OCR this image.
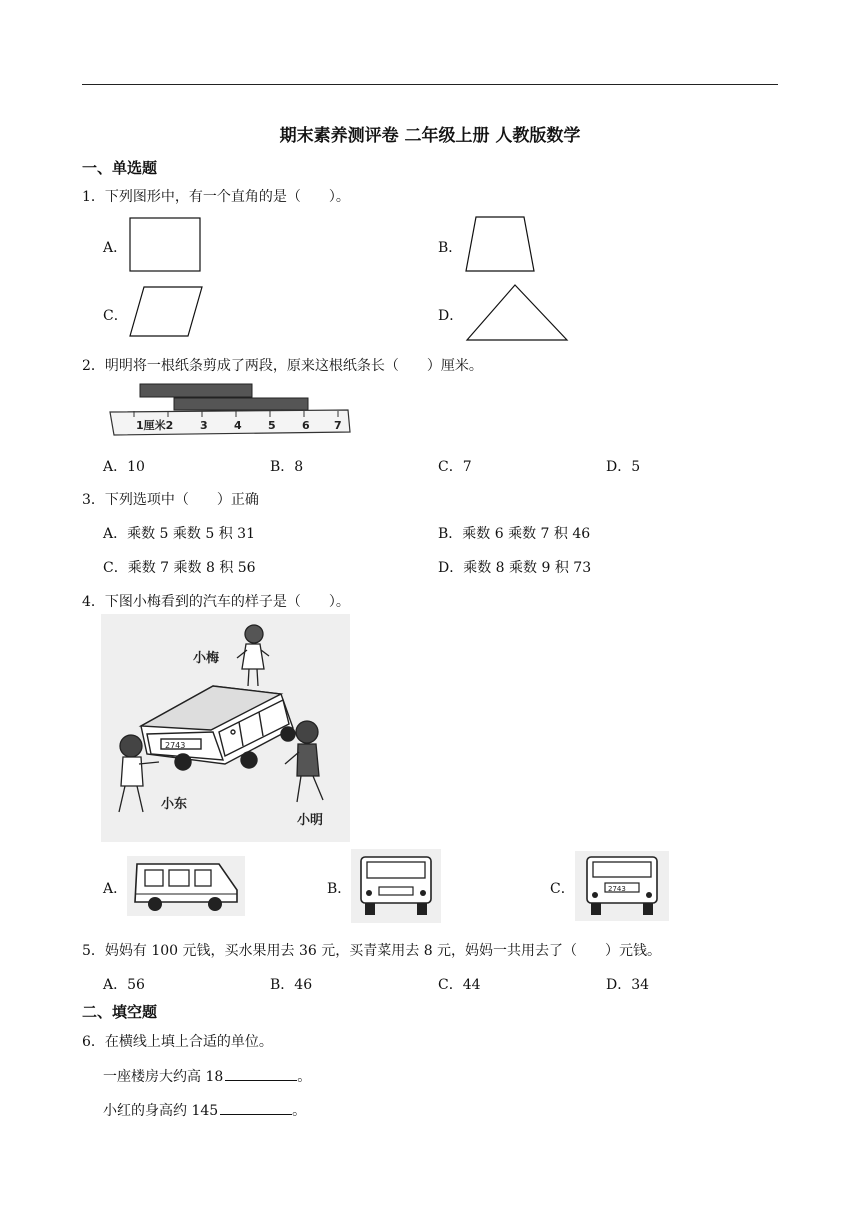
期末素养测评卷 二年级上册 人教版数学
一、单选题
1．下列图形中，有一个直角的是（　　）。
A．	B．
C．	D．
2．明明将一根纸条剪成了两段，原来这根纸条长（　　）厘米。
1厘米2 3 4 5 6 7
A．10	B．8	C．7	D．5
3．下列选项中（　　）正确
A．乘数 5 乘数 5 积 31	B．乘数 6 乘数 7 积 46
C．乘数 7 乘数 8 积 56	D．乘数 8 乘数 9 积 73
4．下图小梅看到的汽车的样子是（　　）。
2743
小梅
小东
小明
A．	B．	C．	2743
5．妈妈有 100 元钱，买水果用去 36 元，买青菜用去 8 元，妈妈一共用去了（　　）元钱。
A．56	B．46	C．44	D．34
二、填空题
6．在横线上填上合适的单位。
一座楼房大约高 18	。
小红的身高约 145	。
